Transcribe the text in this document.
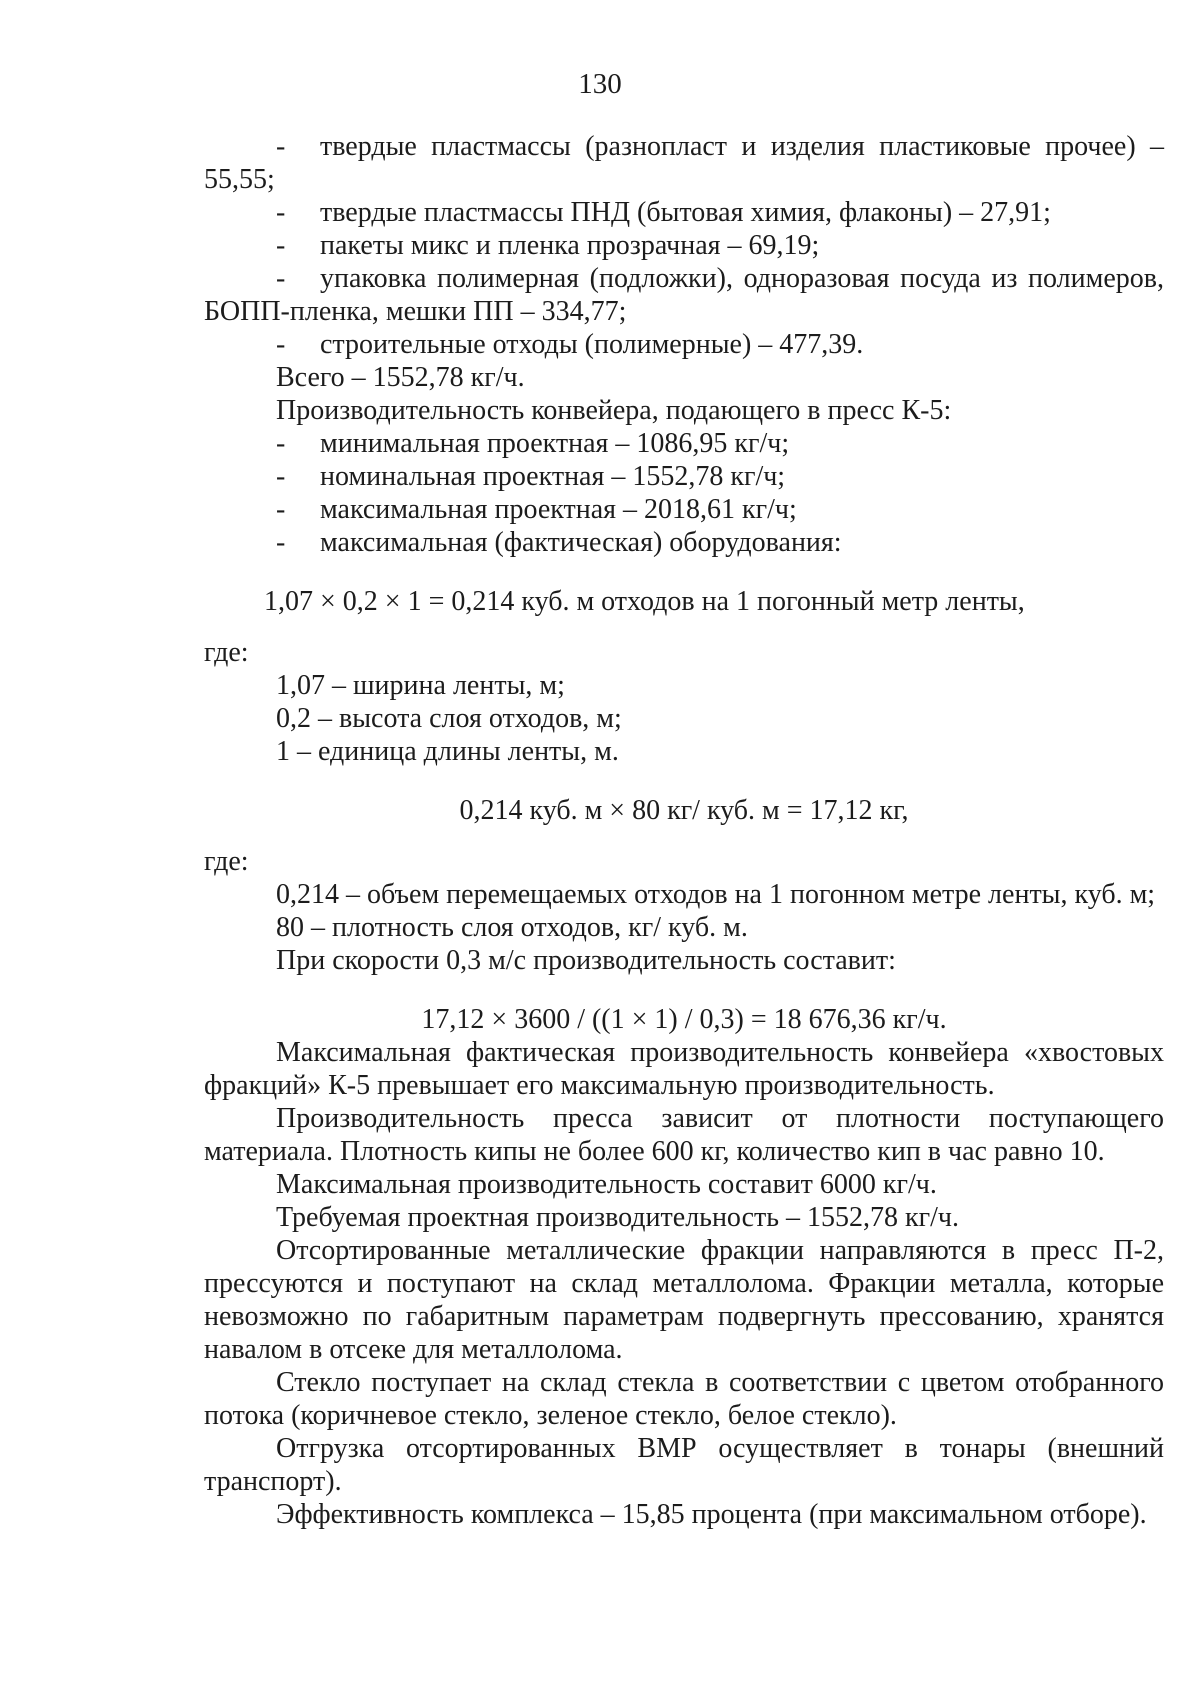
130

- твердые пластмассы (разнопласт и изделия пластиковые прочее) –
55,55;

- твердые пластмассы ПНД (бытовая химия, флаконы) – 27,91;

- пакеты микс и пленка прозрачная – 69,19;

- упаковка полимерная (подложки), одноразовая посуда из полимеров,
БОПП-пленка, мешки ПП – 334,77;

- строительные отходы (полимерные) – 477,39.

Всего – 1552,78 кг/ч.

Производительность конвейера, подающего в пресс К-5:

- минимальная проектная – 1086,95 кг/ч;

- номинальная проектная – 1552,78 кг/ч;

- максимальная проектная – 2018,61 кг/ч;

- максимальная (фактическая) оборудования:

1,07 × 0,2 × 1 = 0,214 куб. м отходов на 1 погонный метр ленты,

где:

1,07 – ширина ленты, м;

0,2 – высота слоя отходов, м;

1 – единица длины ленты, м.

0,214 куб. м × 80 кг/ куб. м = 17,12 кг,

где:

0,214 – объем перемещаемых отходов на 1 погонном метре ленты, куб. м;

80 – плотность слоя отходов, кг/ куб. м.

При скорости 0,3 м/с производительность составит:

17,12 × 3600 / ((1 × 1) / 0,3) = 18 676,36 кг/ч.

Максимальная фактическая производительность конвейера «хвостовых фракций» К-5 превышает его максимальную производительность.

Производительность пресса зависит от плотности поступающего материала. Плотность кипы не более 600 кг, количество кип в час равно 10.

Максимальная производительность составит 6000 кг/ч.

Требуемая проектная производительность – 1552,78 кг/ч.

Отсортированные металлические фракции направляются в пресс П-2, прессуются и поступают на склад металлолома. Фракции металла, которые невозможно по габаритным параметрам подвергнуть прессованию, хранятся навалом в отсеке для металлолома.

Стекло поступает на склад стекла в соответствии с цветом отобранного потока (коричневое стекло, зеленое стекло, белое стекло).

Отгрузка отсортированных ВМР осуществляет в тонары (внешний транспорт).

Эффективность комплекса – 15,85 процента (при максимальном отборе).
